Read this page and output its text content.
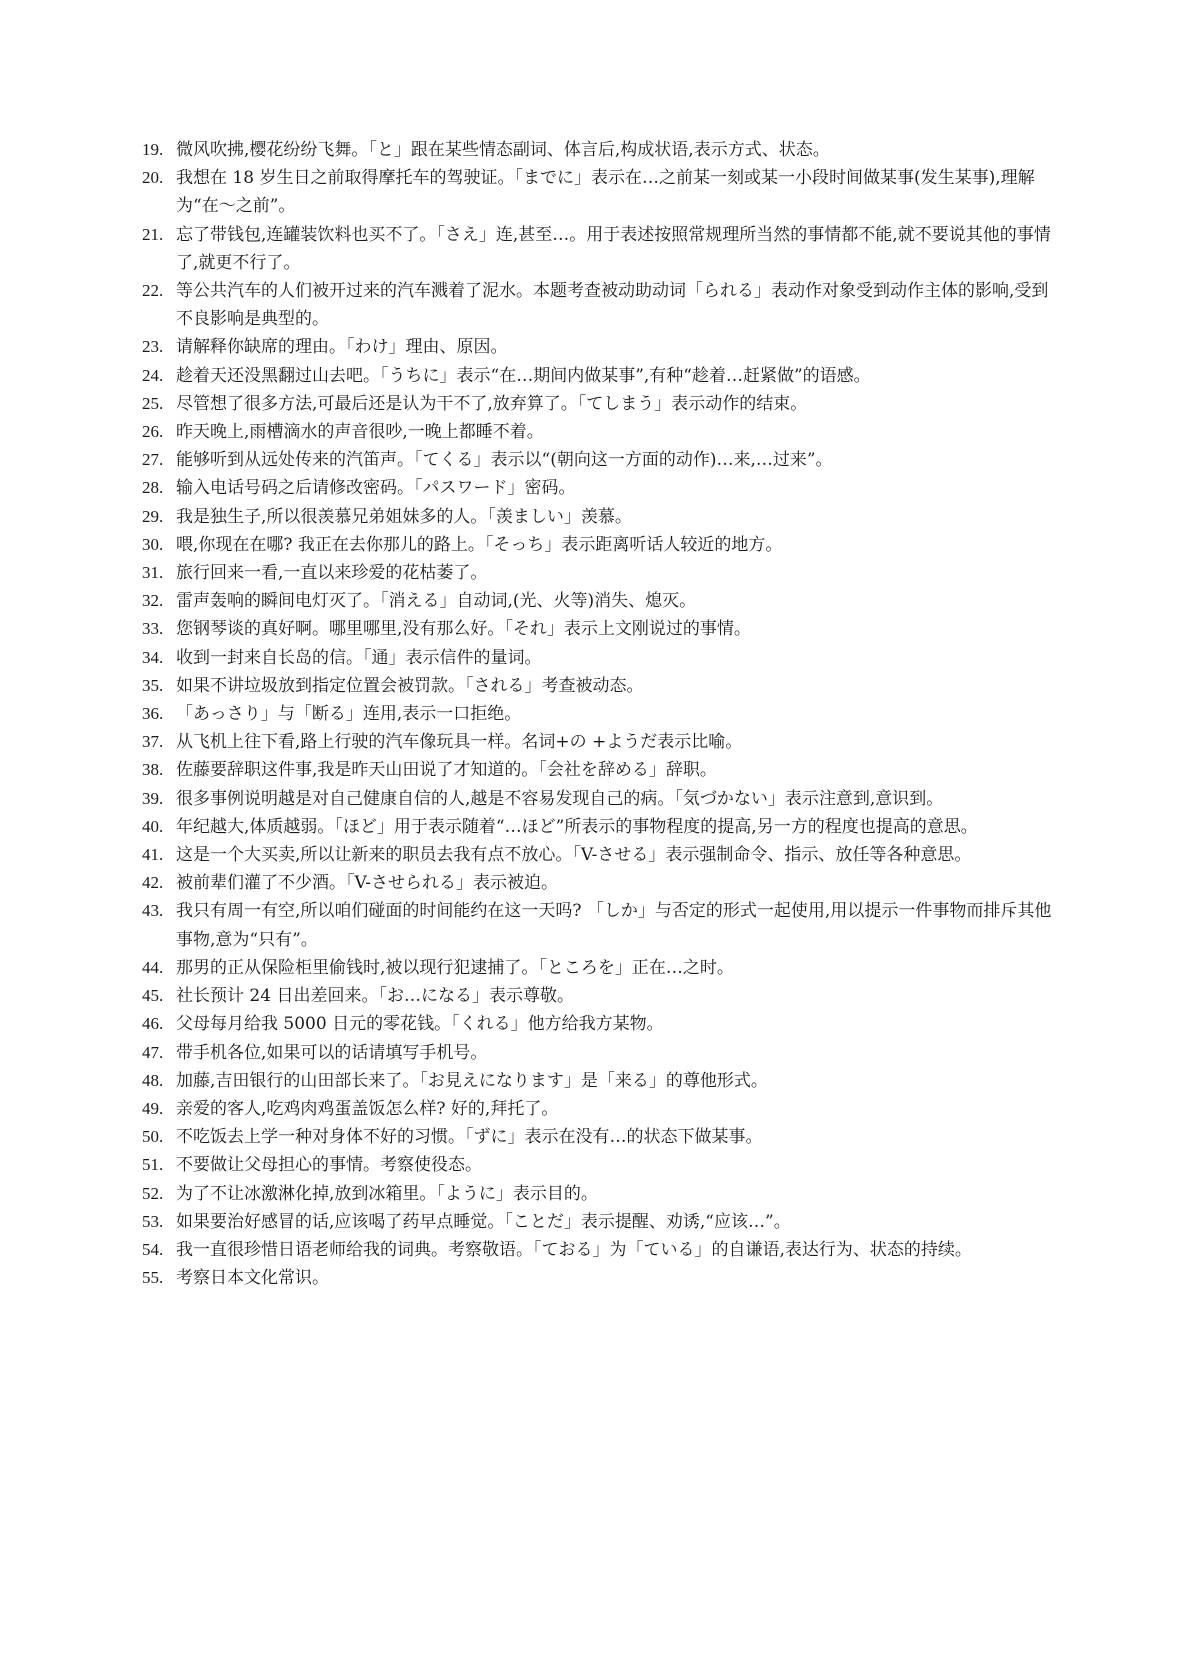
19. 微风吹拂,樱花纷纷飞舞。「と」跟在某些情态副词、体言后,构成状语,表示方式、状态。
20. 我想在 18 岁生日之前取得摩托车的驾驶证。「までに」表示在…之前某一刻或某一小段时间做某事(发生某事),理解为“在～之前”。
21. 忘了带钱包,连罐装饮料也买不了。「さえ」连,甚至…。用于表述按照常规理所当然的事情都不能,就不要说其他的事情了,就更不行了。
22. 等公共汽车的人们被开过来的汽车溅着了泥水。本题考查被动助动词「られる」表动作对象受到动作主体的影响,受到不良影响是典型的。
23. 请解释你缺席的理由。「わけ」理由、原因。
24. 趁着天还没黑翻过山去吧。「うちに」表示“在…期间内做某事”,有种“趁着…赶紧做”的语感。
25. 尽管想了很多方法,可最后还是认为干不了,放弃算了。「てしまう」表示动作的结束。
26. 昨天晚上,雨槽滴水的声音很吵,一晚上都睡不着。
27. 能够听到从远处传来的汽笛声。「てくる」表示以“(朝向这一方面的动作)…来,…过来”。
28. 输入电话号码之后请修改密码。「パスワード」密码。
29. 我是独生子,所以很羡慕兄弟姐妹多的人。「羡ましい」羡慕。
30. 喂,你现在在哪? 我正在去你那儿的路上。「そっち」表示距离听话人较近的地方。
31. 旅行回来一看,一直以来珍爱的花枯萎了。
32. 雷声轰响的瞬间电灯灭了。「消える」自动词,(光、火等)消失、熄灭。
33. 您钢琴谈的真好啊。哪里哪里,没有那么好。「それ」表示上文刚说过的事情。
34. 收到一封来自长岛的信。「通」表示信件的量词。
35. 如果不讲垃圾放到指定位置会被罚款。「される」考查被动态。
36. 「あっさり」与「断る」连用,表示一口拒绝。
37. 从飞机上往下看,路上行驶的汽车像玩具一样。名词+の +ようだ表示比喻。
38. 佐藤要辞职这件事,我是昨天山田说了才知道的。「会社を辞める」辞职。
39. 很多事例说明越是对自己健康自信的人,越是不容易发现自己的病。「気づかない」表示注意到,意识到。
40. 年纪越大,体质越弱。「ほど」用于表示随着“…ほど”所表示的事物程度的提高,另一方的程度也提高的意思。
41. 这是一个大买卖,所以让新来的职员去我有点不放心。「V-させる」表示强制命令、指示、放任等各种意思。
42. 被前辈们灌了不少酒。「V-させられる」表示被迫。
43. 我只有周一有空,所以咱们碰面的时间能约在这一天吗? 「しか」与否定的形式一起使用,用以提示一件事物而排斥其他事物,意为“只有”。
44. 那男的正从保险柜里偷钱时,被以现行犯逮捕了。「ところを」正在…之时。
45. 社长预计 24 日出差回来。「お…になる」表示尊敬。
46. 父母每月给我 5000 日元的零花钱。「くれる」他方给我方某物。
47. 带手机各位,如果可以的话请填写手机号。
48. 加藤,吉田银行的山田部长来了。「お見えになります」是「来る」的尊他形式。
49. 亲爱的客人,吃鸡肉鸡蛋盖饭怎么样? 好的,拜托了。
50. 不吃饭去上学一种对身体不好的习惯。「ずに」表示在没有…的状态下做某事。
51. 不要做让父母担心的事情。考察使役态。
52. 为了不让冰激淋化掉,放到冰箱里。「ように」表示目的。
53. 如果要治好感冒的话,应该喝了药早点睡觉。「ことだ」表示提醒、劝诱,“应该…”。
54. 我一直很珍惜日语老师给我的词典。考察敬语。「ておる」为「ている」的自谦语,表达行为、状态的持续。
55. 考察日本文化常识。
